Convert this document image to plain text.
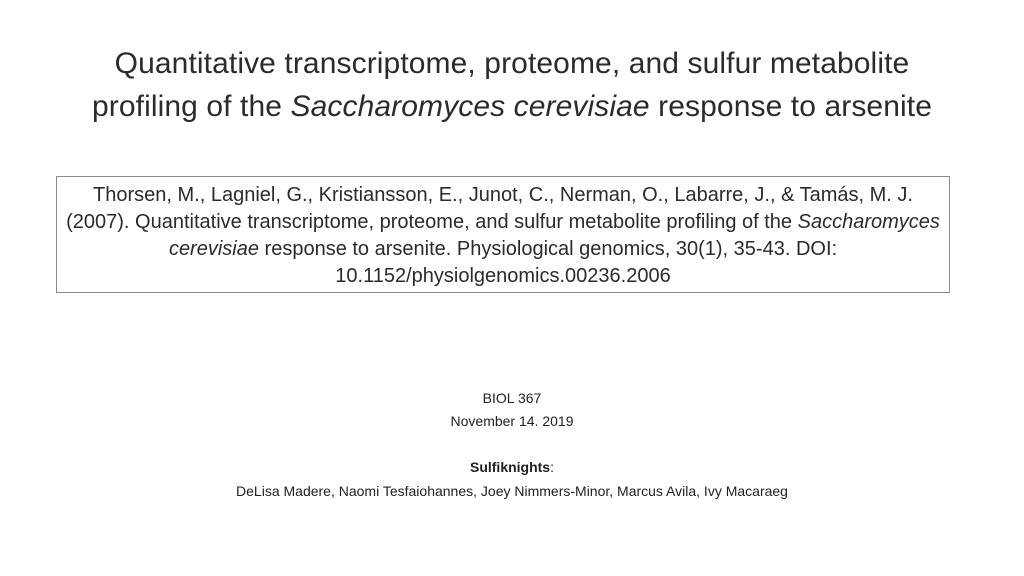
Quantitative transcriptome, proteome, and sulfur metabolite
profiling of the Saccharomyces cerevisiae response to arsenite
Thorsen, M., Lagniel, G., Kristiansson, E., Junot, C., Nerman, O., Labarre, J., & Tamás, M. J. (2007). Quantitative transcriptome, proteome, and sulfur metabolite profiling of the Saccharomyces cerevisiae response to arsenite. Physiological genomics, 30(1), 35-43. DOI: 10.1152/physiolgenomics.00236.2006
BIOL 367
November 14. 2019
Sulfiknights:
DeLisa Madere, Naomi Tesfaiohannes, Joey Nimmers-Minor, Marcus Avila, Ivy Macaraeg
